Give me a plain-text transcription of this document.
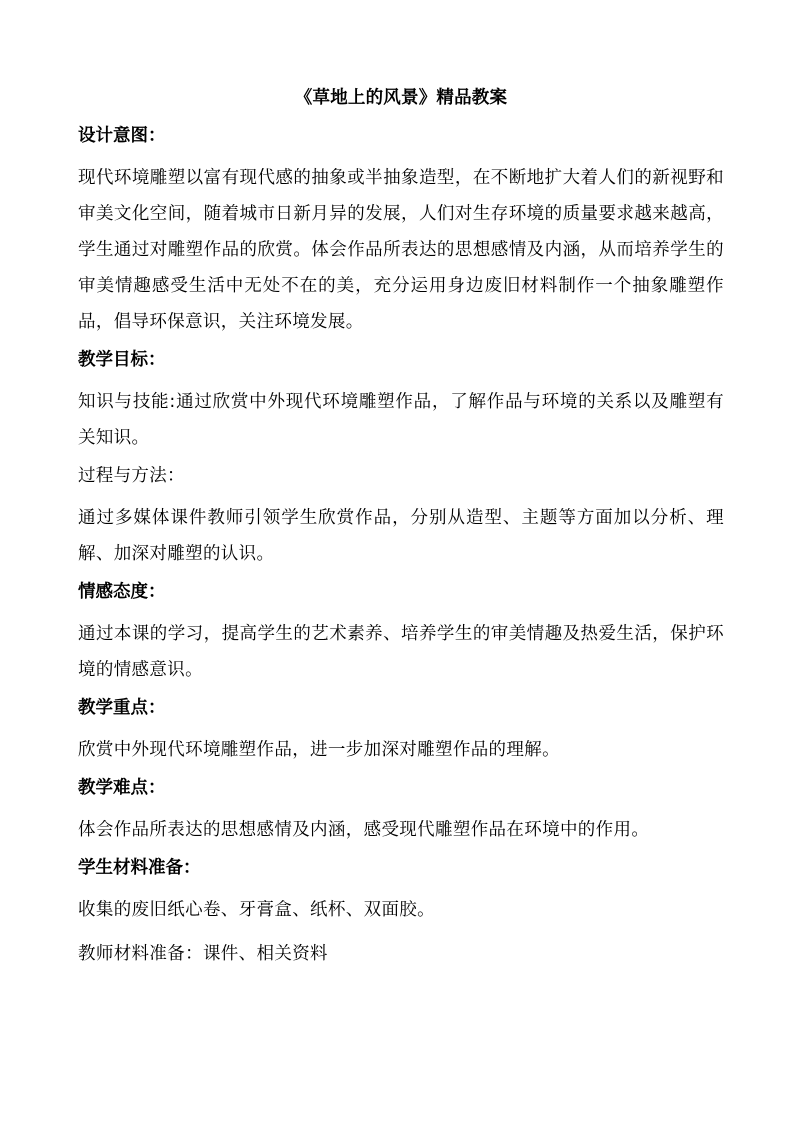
《草地上的风景》精品教案
设计意图：
现代环境雕塑以富有现代感的抽象或半抽象造型，在不断地扩大着人们的新视野和审美文化空间，随着城市日新月异的发展，人们对生存环境的质量要求越来越高，学生通过对雕塑作品的欣赏。体会作品所表达的思想感情及内涵，从而培养学生的审美情趣感受生活中无处不在的美，充分运用身边废旧材料制作一个抽象雕塑作品，倡导环保意识，关注环境发展。
教学目标：
知识与技能:通过欣赏中外现代环境雕塑作品，了解作品与环境的关系以及雕塑有关知识。
过程与方法：
通过多媒体课件教师引领学生欣赏作品，分别从造型、主题等方面加以分析、理解、加深对雕塑的认识。
情感态度：
通过本课的学习，提高学生的艺术素养、培养学生的审美情趣及热爱生活，保护环境的情感意识。
教学重点：
欣赏中外现代环境雕塑作品，进一步加深对雕塑作品的理解。
教学难点：
体会作品所表达的思想感情及内涵，感受现代雕塑作品在环境中的作用。
学生材料准备：
收集的废旧纸心卷、牙膏盒、纸杯、双面胶。
教师材料准备：课件、相关资料
